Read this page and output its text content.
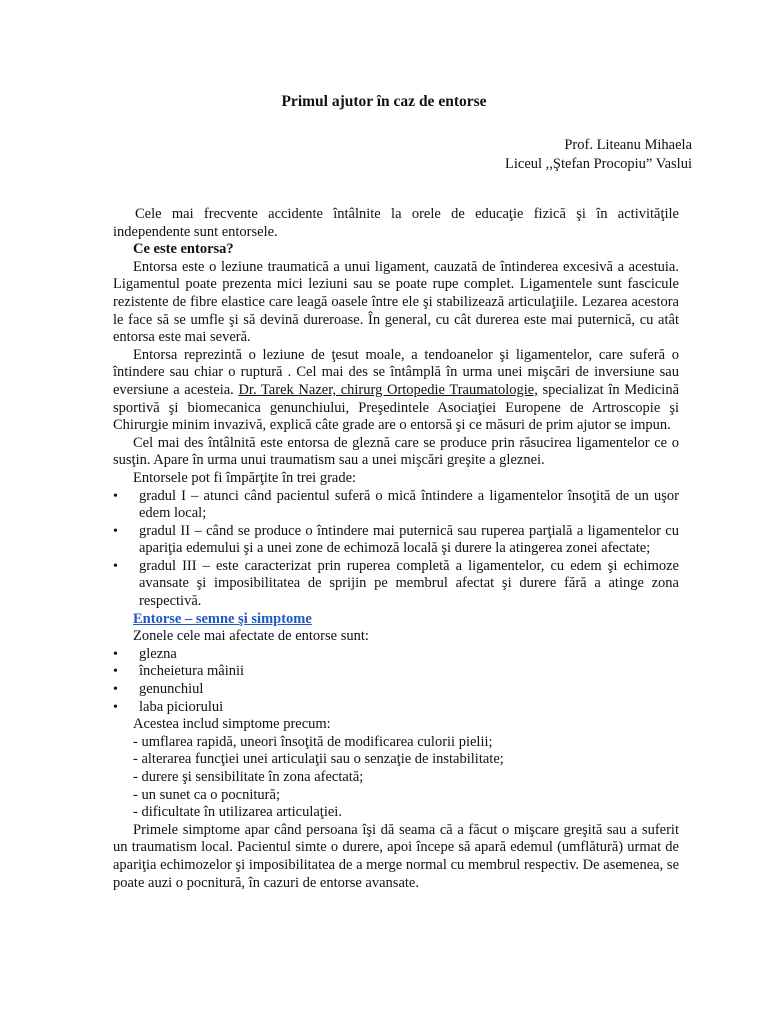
Primul ajutor în caz de entorse
Prof. Liteanu Mihaela
Liceul ,,Ştefan Procopiu” Vaslui

Cele mai frecvente accidente întâlnite la orele de educaţie fizică şi în activităţile independente sunt entorsele.

Ce este entorsa?

Entorsa este o leziune traumatică a unui ligament, cauzată de întinderea excesivă a acestuia. Ligamentul poate prezenta mici leziuni sau se poate rupe complet. Ligamentele sunt fascicule rezistente de fibre elastice care leagă oasele între ele şi stabilizează articulaţiile. Lezarea acestora le face să se umfle şi să devină dureroase. În general, cu cât durerea este mai puternică, cu atât entorsa este mai severă.

Entorsa reprezintă o leziune de ţesut moale, a tendoanelor şi ligamentelor, care suferă o întindere sau chiar o ruptură . Cel mai des se întâmplă în urma unei mişcări de inversiune sau eversiune a acesteia. Dr. Tarek Nazer, chirurg Ortopedie Traumatologie, specializat în Medicină sportivă şi biomecanica genunchiului, Preşedintele Asociaţiei Europene de Artroscopie şi Chirurgie minim invazivă, explică câte grade are o entorsă şi ce măsuri de prim ajutor se impun.

Cel mai des întâlnită este entorsa de gleznă care se produce prin răsucirea ligamentelor ce o susţin. Apare în urma unui traumatism sau a unei mişcări greşite a gleznei.

Entorsele pot fi împărţite în trei grade:

• gradul I – atunci când pacientul suferă o mică întindere a ligamentelor însoţită de un uşor edem local;
• gradul II – când se produce o întindere mai puternică sau ruperea parţială a ligamentelor cu apariţia edemului şi a unei zone de echimoză locală şi durere la atingerea zonei afectate;
• gradul III – este caracterizat prin ruperea completă a ligamentelor, cu edem şi echimoze avansate şi imposibilitatea de sprijin pe membrul afectat şi durere fără a atinge zona respectivă.
Entorse – semne şi simptome

Zonele cele mai afectate de entorse sunt:

• glezna
• încheietura mâinii
• genunchiul
• laba piciorului

Acestea includ simptome precum:

- umflarea rapidă, uneori însoţită de modificarea culorii pielii;

- alterarea funcţiei unei articulaţii sau o senzaţie de instabilitate;

- durere şi sensibilitate în zona afectată;

- un sunet ca o pocnitură;

- dificultate în utilizarea articulaţiei.

Primele simptome apar când persoana îşi dă seama că a făcut o mişcare greşită sau a suferit un traumatism local. Pacientul simte o durere, apoi începe să apară edemul (umflătură) urmat de apariţia echimozelor şi imposibilitatea de a merge normal cu membrul respectiv. De asemenea, se poate auzi o pocnitură, în cazuri de entorse avansate.
